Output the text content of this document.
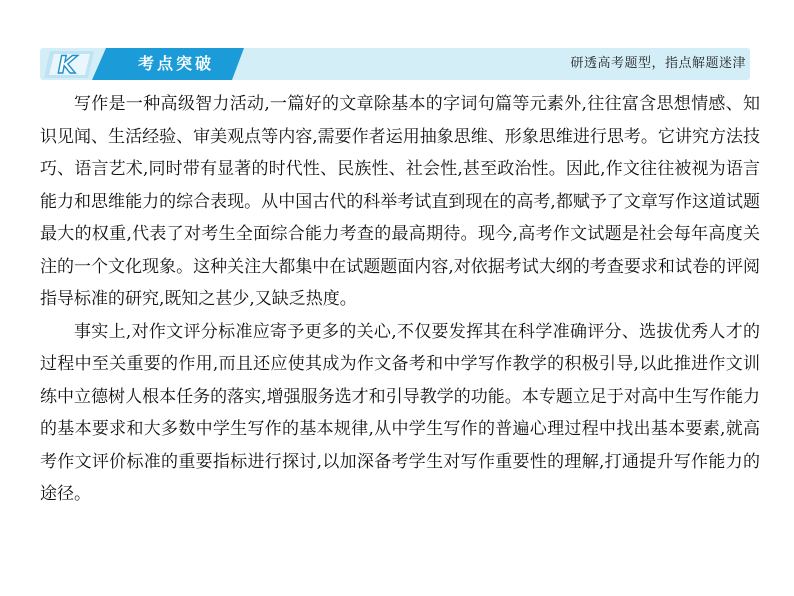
K	考点突破	研透高考题型，指点解题迷津

写作是一种高级智力活动,一篇好的文章除基本的字词句篇等元素外,往往富含思想情感、知识见闻、生活经验、审美观点等内容,需要作者运用抽象思维、形象思维进行思考。它讲究方法技巧、语言艺术,同时带有显著的时代性、民族性、社会性,甚至政治性。因此,作文往往被视为语言能力和思维能力的综合表现。从中国古代的科举考试直到现在的高考,都赋予了文章写作这道试题最大的权重,代表了对考生全面综合能力考查的最高期待。现今,高考作文试题是社会每年高度关注的一个文化现象。这种关注大都集中在试题题面内容,对依据考试大纲的考查要求和试卷的评阅指导标准的研究,既知之甚少,又缺乏热度。

事实上,对作文评分标准应寄予更多的关心,不仅要发挥其在科学准确评分、选拔优秀人才的过程中至关重要的作用,而且还应使其成为作文备考和中学写作教学的积极引导,以此推进作文训练中立德树人根本任务的落实,增强服务选才和引导教学的功能。本专题立足于对高中生写作能力的基本要求和大多数中学生写作的基本规律,从中学生写作的普遍心理过程中找出基本要素,就高考作文评价标准的重要指标进行探讨,以加深备考学生对写作重要性的理解,打通提升写作能力的途径。
